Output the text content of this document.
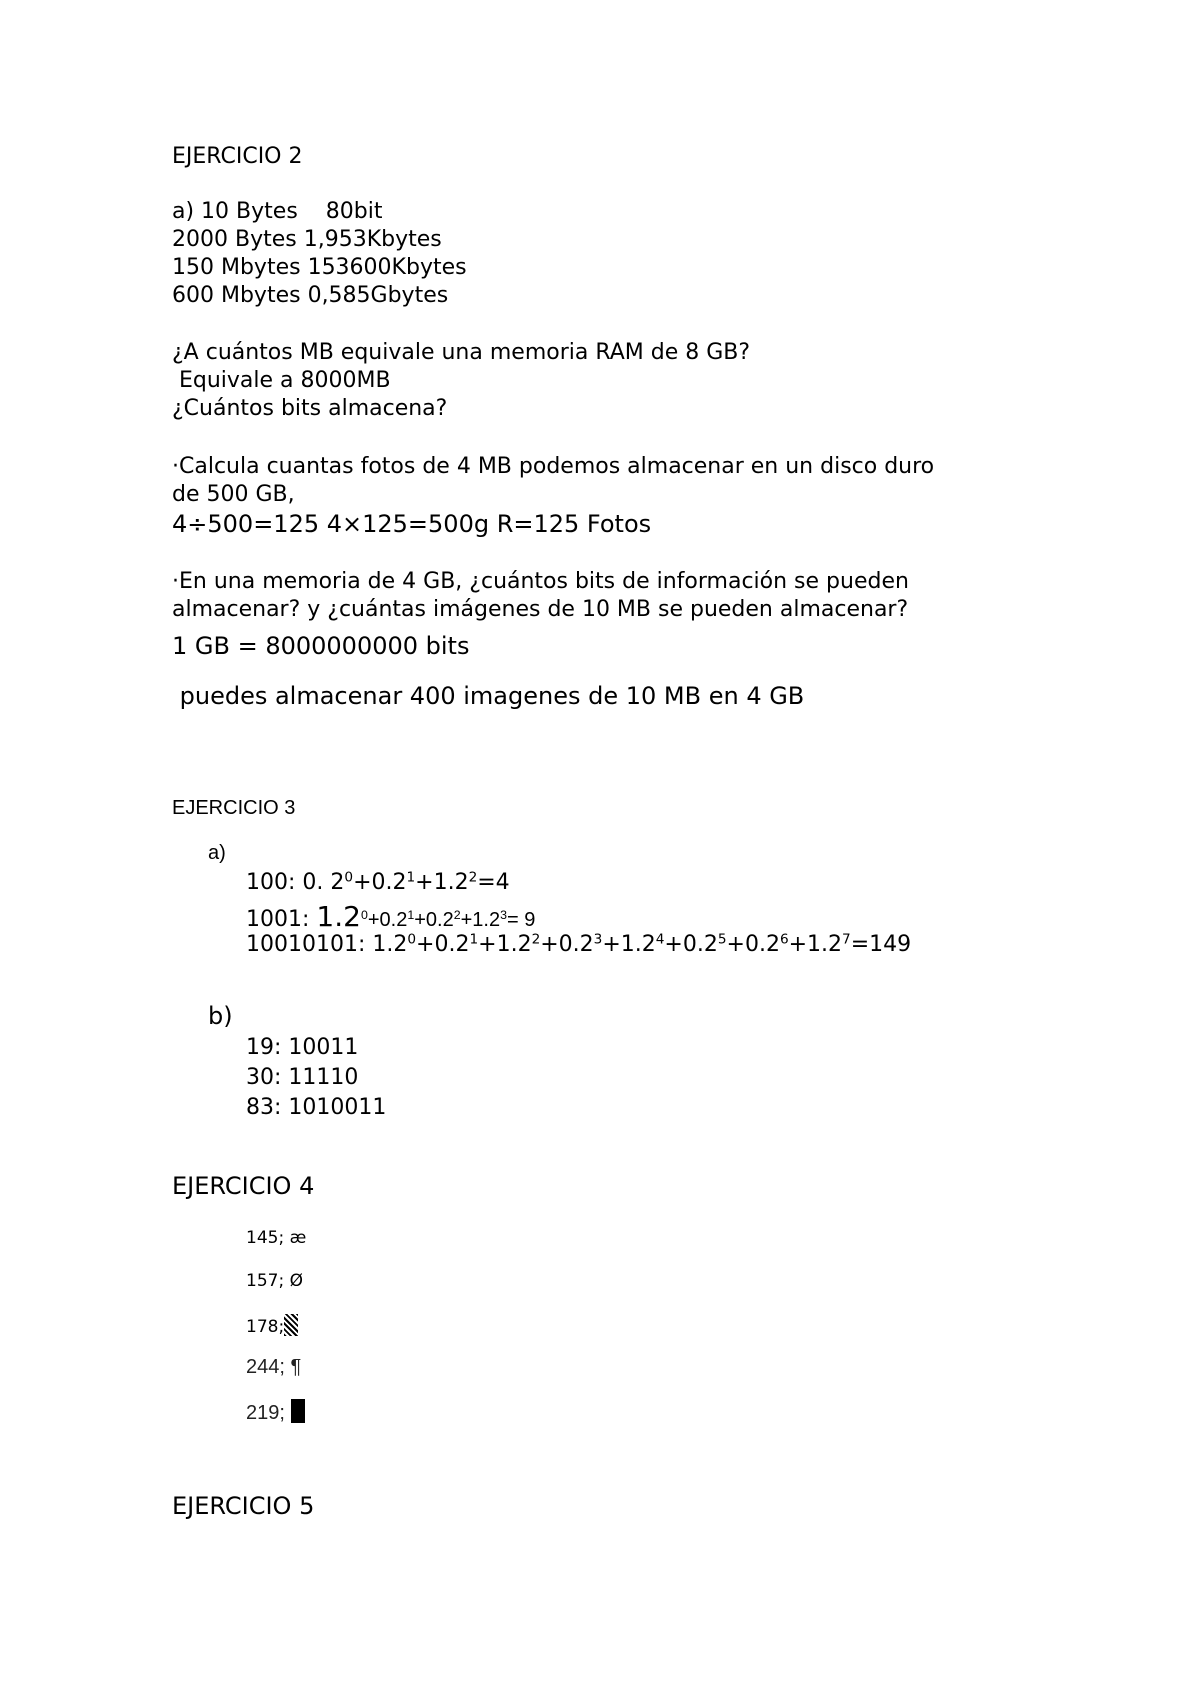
EJERCICIO 2
a) 10 Bytes    80bit
2000 Bytes 1,953Kbytes
150 Mbytes 153600Kbytes
600 Mbytes 0,585Gbytes
¿A cuántos MB equivale una memoria RAM de 8 GB?
Equivale a 8000MB
¿Cuántos bits almacena?
·Calcula cuantas fotos de 4 MB podemos almacenar en un disco duro
de 500 GB,
4÷500=125 4×125=500g R=125 Fotos
·En una memoria de 4 GB, ¿cuántos bits de información se pueden
almacenar? y ¿cuántas imágenes de 10 MB se pueden almacenar?
1 GB = 8000000000 bits
puedes almacenar 400 imagenes de 10 MB en 4 GB
EJERCICIO 3
a)
100: 0. $2^0+0.2^1+1.2^2=4$
1001: $1.2^0+0.2^1+0.2^2+1.2^3= 9$
10010101: $1.2^0+0.2^1+1.2^2+0.2^3+1.2^4+0.2^5+0.2^6+1.2^7=149$
b)
19: 10011
30: 11110
83: 1010011
EJERCICIO 4
145; æ
157; Ø
178;
244; ¶
219;
EJERCICIO 5
